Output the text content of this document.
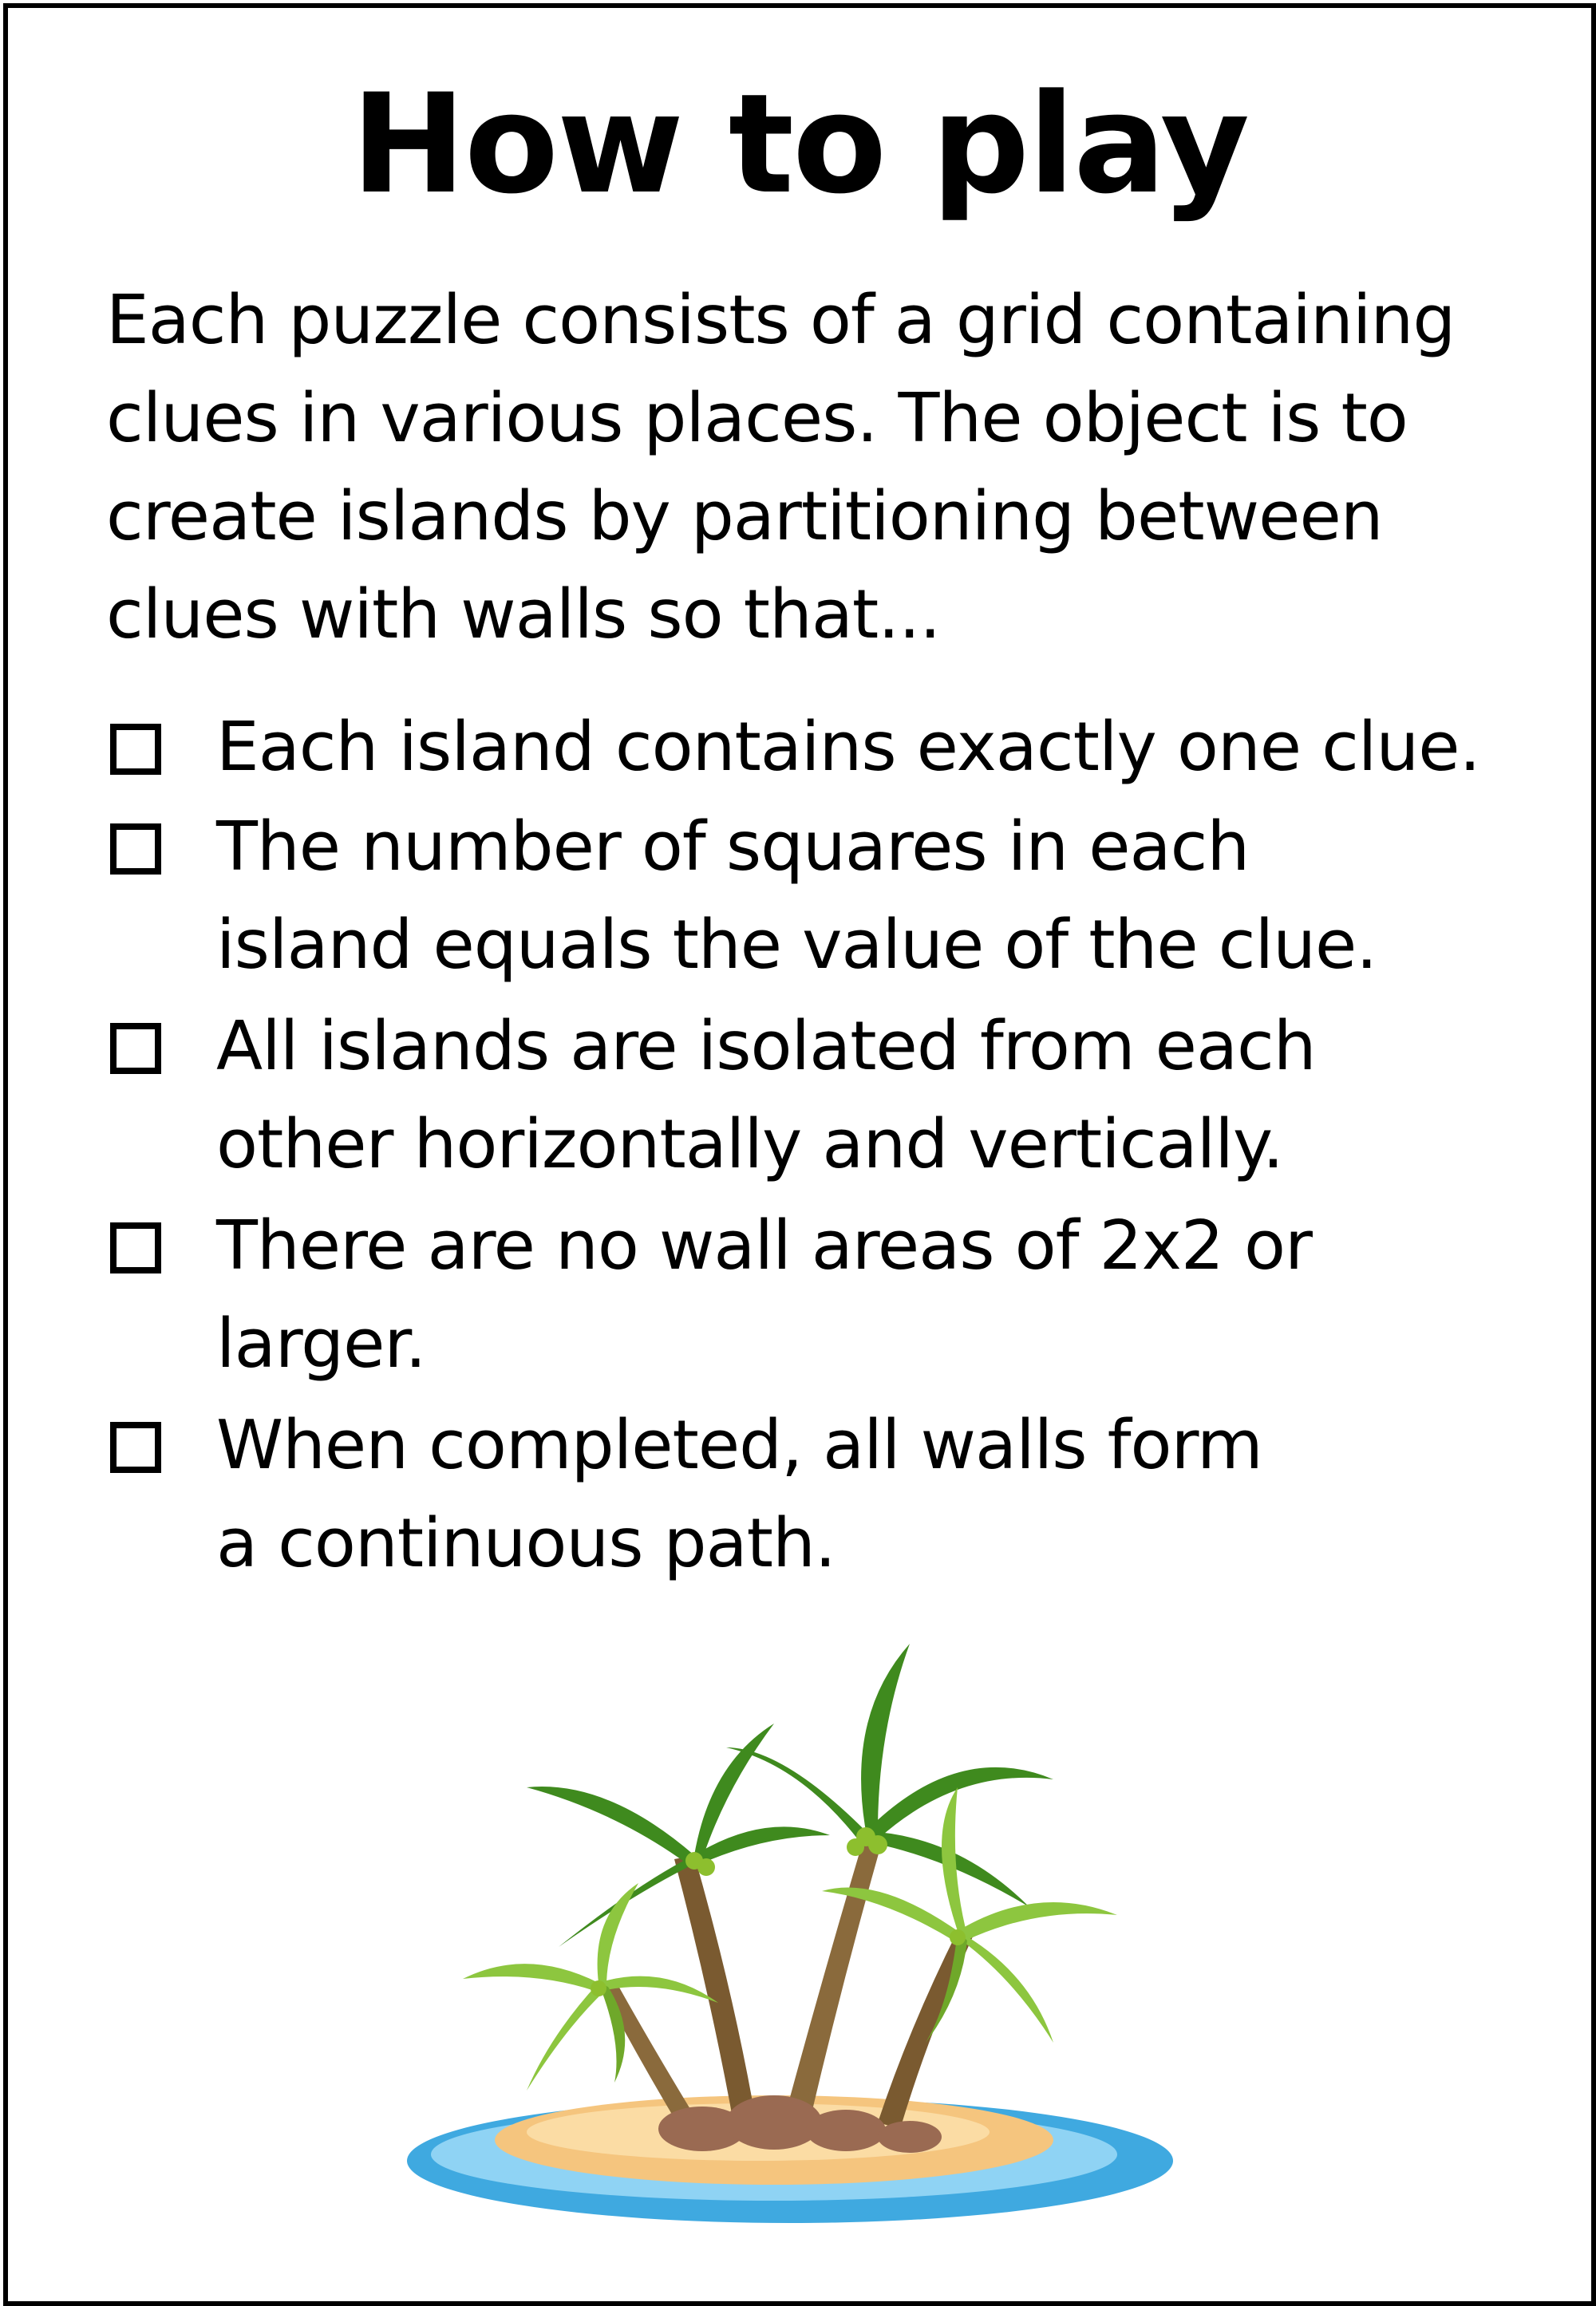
How to play

Each puzzle consists of a grid containing
clues in various places. The object is to
create islands by partitioning between
clues with walls so that...

Each island contains exactly one clue.

The number of squares in each
island equals the value of the clue.

All islands are isolated from each
other horizontally and vertically.

There are no wall areas of 2x2 or
larger.

When completed, all walls form
a continuous path.
